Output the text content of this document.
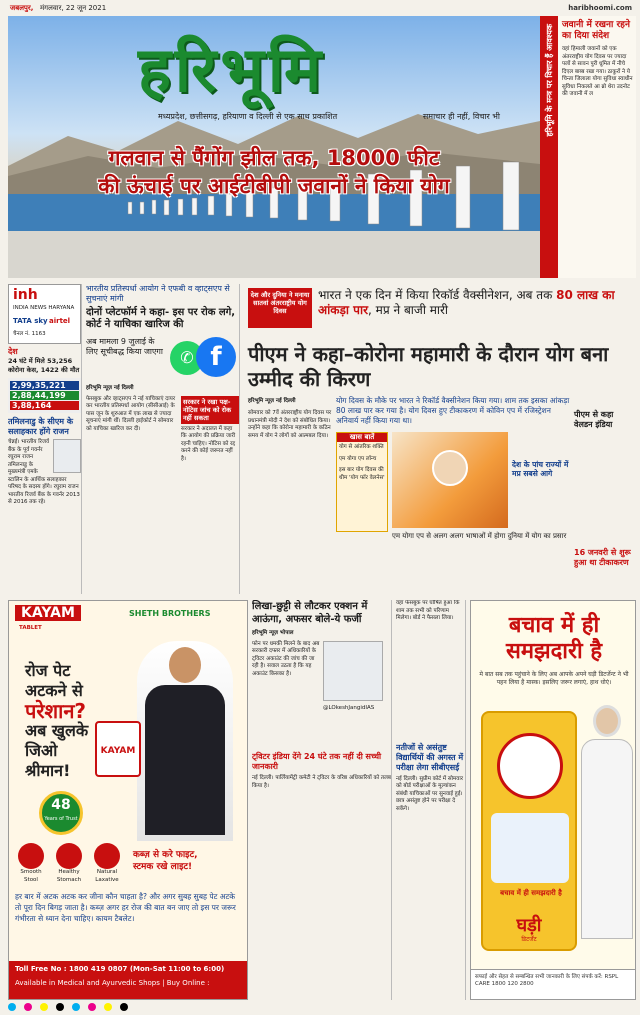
जबलपुर, मंगलवार, 22 जून 2021	haribhoomi.com
हरिभूमि
मध्यप्रदेश, छत्तीसगढ़, हरियाणा व दिल्ली से एक साथ प्रकाशित	समाचार ही नहीं, विचार भी
गलवान से पैंगोंग झील तक, 18000 फीट
की ऊंचाई पर आईटीबीपी जवानों ने किया योग
हरिभूमि के मन्त्र पर विचार हैं आवश्यक जवानी में रखना रहने का दिया संदेश
वहां हिमाली जवानों को एक अंतरराष्ट्रीय योग दिवस पर ज्यादा पलों से सावन पुरी धूमित में नीचे दिएल बाब्ब रखा गया। ठाकुरों ने ये चिन्ता जिलाला योगा सुविधा स्वाधीन सुविधा निकलते आ ब्रो थेरा उदनोट की जवानी में ल
inh
INDIA NEWS HARYANA
TATA sky airtel
चैनल नं. 1163
देश
24 घंटे में मिले 53,256 कोरोना केस, 1422 की मौत
2,99,35,221
2,88,44,199
3,88,164
तमिलनाडु के सीएम के सलाहकार होंगे राजन
चेन्नई। भारतीय रिजर्व बैंक के पूर्व गवर्नर रघुराम राजन तमिलनाडु के मुख्यमंत्री एमके स्टालिन के आर्थिक सलाहकार परिषद के सदस्य होंगे। रघुराम राजन भारतीय रिजर्व बैंक के गवर्नर 2013 से 2016 तक रहे।
भारतीय प्रतिस्पर्धा आयोग ने एफबी व व्हाट्सएप से सुचनाएं मांगी
दोनों प्लेटफॉर्म ने कहा- इस पर रोक लगे, कोर्ट ने याचिका खारिज की
अब मामला 9 जुलाई के लिए सूचीबद्ध किया जाएगा	✆ f
हरिभूमि न्यूज़ नई दिल्ली
फेसबुक और व्हाट्सएप ने नई याचिकाएं दायर कर भारतीय प्रतिस्पर्धा आयोग (सीसीआई) के पास जून के शुरुआत में एक लाख से ज्यादा सूचनाएं मांगी थीं। दिल्ली हाईकोर्ट ने सोमवार को याचिका खारिज कर दी।
सरकार ने रखा पक्ष- नोटिस जांच को रोक नहीं सकता
सरकार ने अदालत में कहा कि आयोग की प्रक्रिया जारी रहनी चाहिए। नोटिस को रद्द करने की कोई जरूरत नहीं है।
देश और दुनिया ने मनाया सातवां अंतरराष्ट्रीय योग दिवस
भारत ने एक दिन में किया रिकॉर्ड वैक्सीनेशन, अब तक 80 लाख का आंकड़ा पार, मप्र ने बाजी मारी
पीएम ने कहा–कोरोना महामारी के दौरान योग बना उम्मीद की किरण
हरिभूमि न्यूज़ नई दिल्ली	योग दिवस के मौके पर भारत ने रिकॉर्ड वैक्सीनेशन किया गया। शाम तक इसका आंकड़ा 80 लाख पार कर गया है। योग दिवस हुए टीकाकरण में कोविन एप में रजिस्ट्रेशन अनिवार्य नहीं किया गया था।
सोमवार को 7वें अंतरराष्ट्रीय योग दिवस पर प्रधानमंत्री मोदी ने देश को संबोधित किया। उन्होंने कहा कि कोरोना महामारी के कठिन समय में योग ने लोगों को आत्मबल दिया।	खास बातें
योग से आंतरिक शक्ति
एम योगा एप लॉन्च
इस बार योग दिवस की थीम 'योग फॉर वेलनेस'
एम योगा एप से अलग अलग भाषाओं में होगा दुनिया में योग का प्रसार
पीएम से कहा वेलडन इंडिया
देश के पांच राज्यों में मप्र सबसे आगे
16 जनवरी से शुरू हुआ था टीकाकरण
KAYAM
TABLET
SHETH BROTHERS
रोज पेट
अटकने से
परेशान?
अब खुलके
जिओ
श्रीमान!
KAYAM
48
Years of Trust
Smooth Stool
Healthy Stomach
Natural Laxative
कब्ज़ से करे फाइट,
स्टमक रखे लाइट!
हर बार में अटक अटक कर जीना कौन चाहता है? और अगर सुबह सुबह पेट अटके तो पूरा दिन बिगड़ जाता है। कब्ज़ अगर हर रोज की बात बन जाए तो इस पर जरूर गंभीरता से ध्यान देना चाहिए। कायम टैबलेट।
Toll Free No : 1800 419 0807 (Mon-Sat 11:00 to 6:00)
Available in Medical and Ayurvedic Shops | Buy Online :
लिखा-छुट्टी से लौटकर एक्शन में आऊंगा, अफसर बोले-ये फर्जी
हरिभूमि न्यूज़ भोपाल
फोन पर धमकी मिलने के बाद अब सरकारी दफ्तर में अधिकारियों के ट्विटर अकाउंट की जांच की जा रही है। सवाल उठता है कि यह अकाउंट किसका है।
@LOkeshJangidIAS
ट्विटर इंडिया देंगे 24 घंटे तक नहीं दी सच्ची जानकारी
नई दिल्ली। पार्लियामेंट्री कमेटी ने ट्विटर के वरिष्ठ अधिकारियों को तलब किया है।
वहां फेसबुक पर घोषित हुआ कि शाम तक सभी को परिणाम मिलेगा। बोर्ड ने फैसला लिया।
नतीजों से असंतुष्ट विद्यार्थियों की अगस्त में परीक्षा लेगा सीबीएसई
नई दिल्ली। सुप्रीम कोर्ट में सोमवार को बोर्ड परीक्षाओं के मूल्यांकन संबंधी याचिकाओं पर सुनवाई हुई। छात्र असंतुष्ट होने पर परीक्षा दे सकेंगे।
बचाव में ही
समझदारी है
मे बात सब तक पहुंचाने के लिए अब आपके अपने घड़ी डिटर्जेन्ट ने भी
पहन लिया है मास्क। इसलिए जरूर लगाएं, हाथ धोएं।
बचाव में ही समझदारी है
घड़ी
डिटर्जेंट
सफाई और सेहत से सम्बन्धित सभी जानकारी के लिए संपर्क करें: RSPL CARE 1800 120 2800
